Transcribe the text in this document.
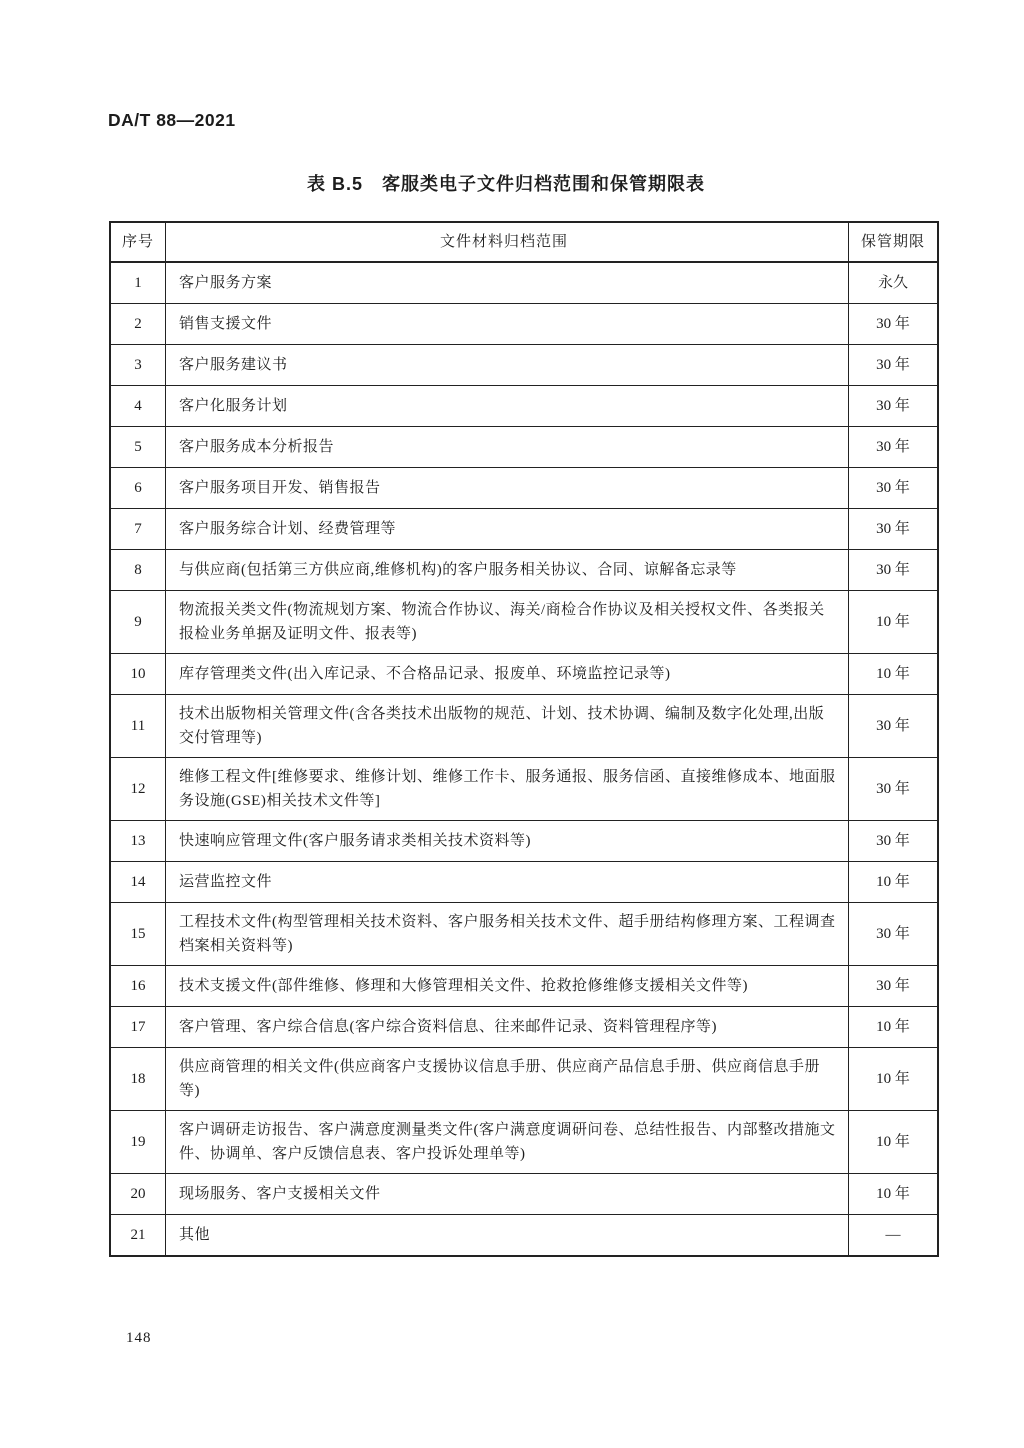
DA/T 88—2021
表 B.5　客服类电子文件归档范围和保管期限表
序号	文件材料归档范围	保管期限
1	客户服务方案	永久
2	销售支援文件	30 年
3	客户服务建议书	30 年
4	客户化服务计划	30 年
5	客户服务成本分析报告	30 年
6	客户服务项目开发、销售报告	30 年
7	客户服务综合计划、经费管理等	30 年
8	与供应商(包括第三方供应商,维修机构)的客户服务相关协议、合同、谅解备忘录等	30 年
9	物流报关类文件(物流规划方案、物流合作协议、海关/商检合作协议及相关授权文件、各类报关报检业务单据及证明文件、报表等)	10 年
10	库存管理类文件(出入库记录、不合格品记录、报废单、环境监控记录等)	10 年
11	技术出版物相关管理文件(含各类技术出版物的规范、计划、技术协调、编制及数字化处理,出版交付管理等)	30 年
12	维修工程文件[维修要求、维修计划、维修工作卡、服务通报、服务信函、直接维修成本、地面服务设施(GSE)相关技术文件等]	30 年
13	快速响应管理文件(客户服务请求类相关技术资料等)	30 年
14	运营监控文件	10 年
15	工程技术文件(构型管理相关技术资料、客户服务相关技术文件、超手册结构修理方案、工程调查档案相关资料等)	30 年
16	技术支援文件(部件维修、修理和大修管理相关文件、抢救抢修维修支援相关文件等)	30 年
17	客户管理、客户综合信息(客户综合资料信息、往来邮件记录、资料管理程序等)	10 年
18	供应商管理的相关文件(供应商客户支援协议信息手册、供应商产品信息手册、供应商信息手册等)	10 年
19	客户调研走访报告、客户满意度测量类文件(客户满意度调研问卷、总结性报告、内部整改措施文件、协调单、客户反馈信息表、客户投诉处理单等)	10 年
20	现场服务、客户支援相关文件	10 年
21	其他	—
148
